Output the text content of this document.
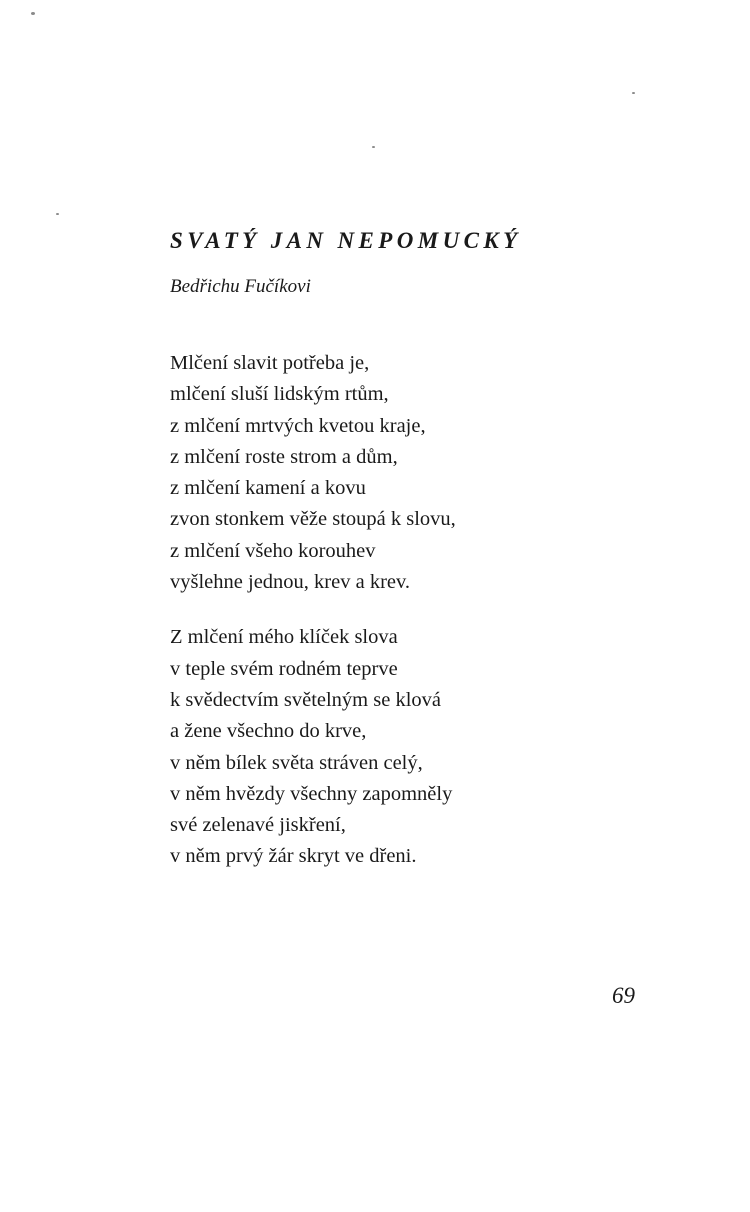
SVATÝ JAN NEPOMUCKÝ
Bedřichu Fučíkovi

Mlčení slavit potřeba je,
mlčení sluší lidským rtům,
z mlčení mrtvých kvetou kraje,
z mlčení roste strom a dům,
z mlčení kamení a kovu
zvon stonkem věže stoupá k slovu,
z mlčení všeho korouhev
vyšlehne jednou, krev a krev.

Z mlčení mého klíček slova
v teple svém rodném teprve
k svědectvím světelným se klová
a žene všechno do krve,
v něm bílek světa stráven celý,
v něm hvězdy všechny zapomněly
své zelenavé jiskření,
v něm prvý žár skryt ve dřeni.

69
